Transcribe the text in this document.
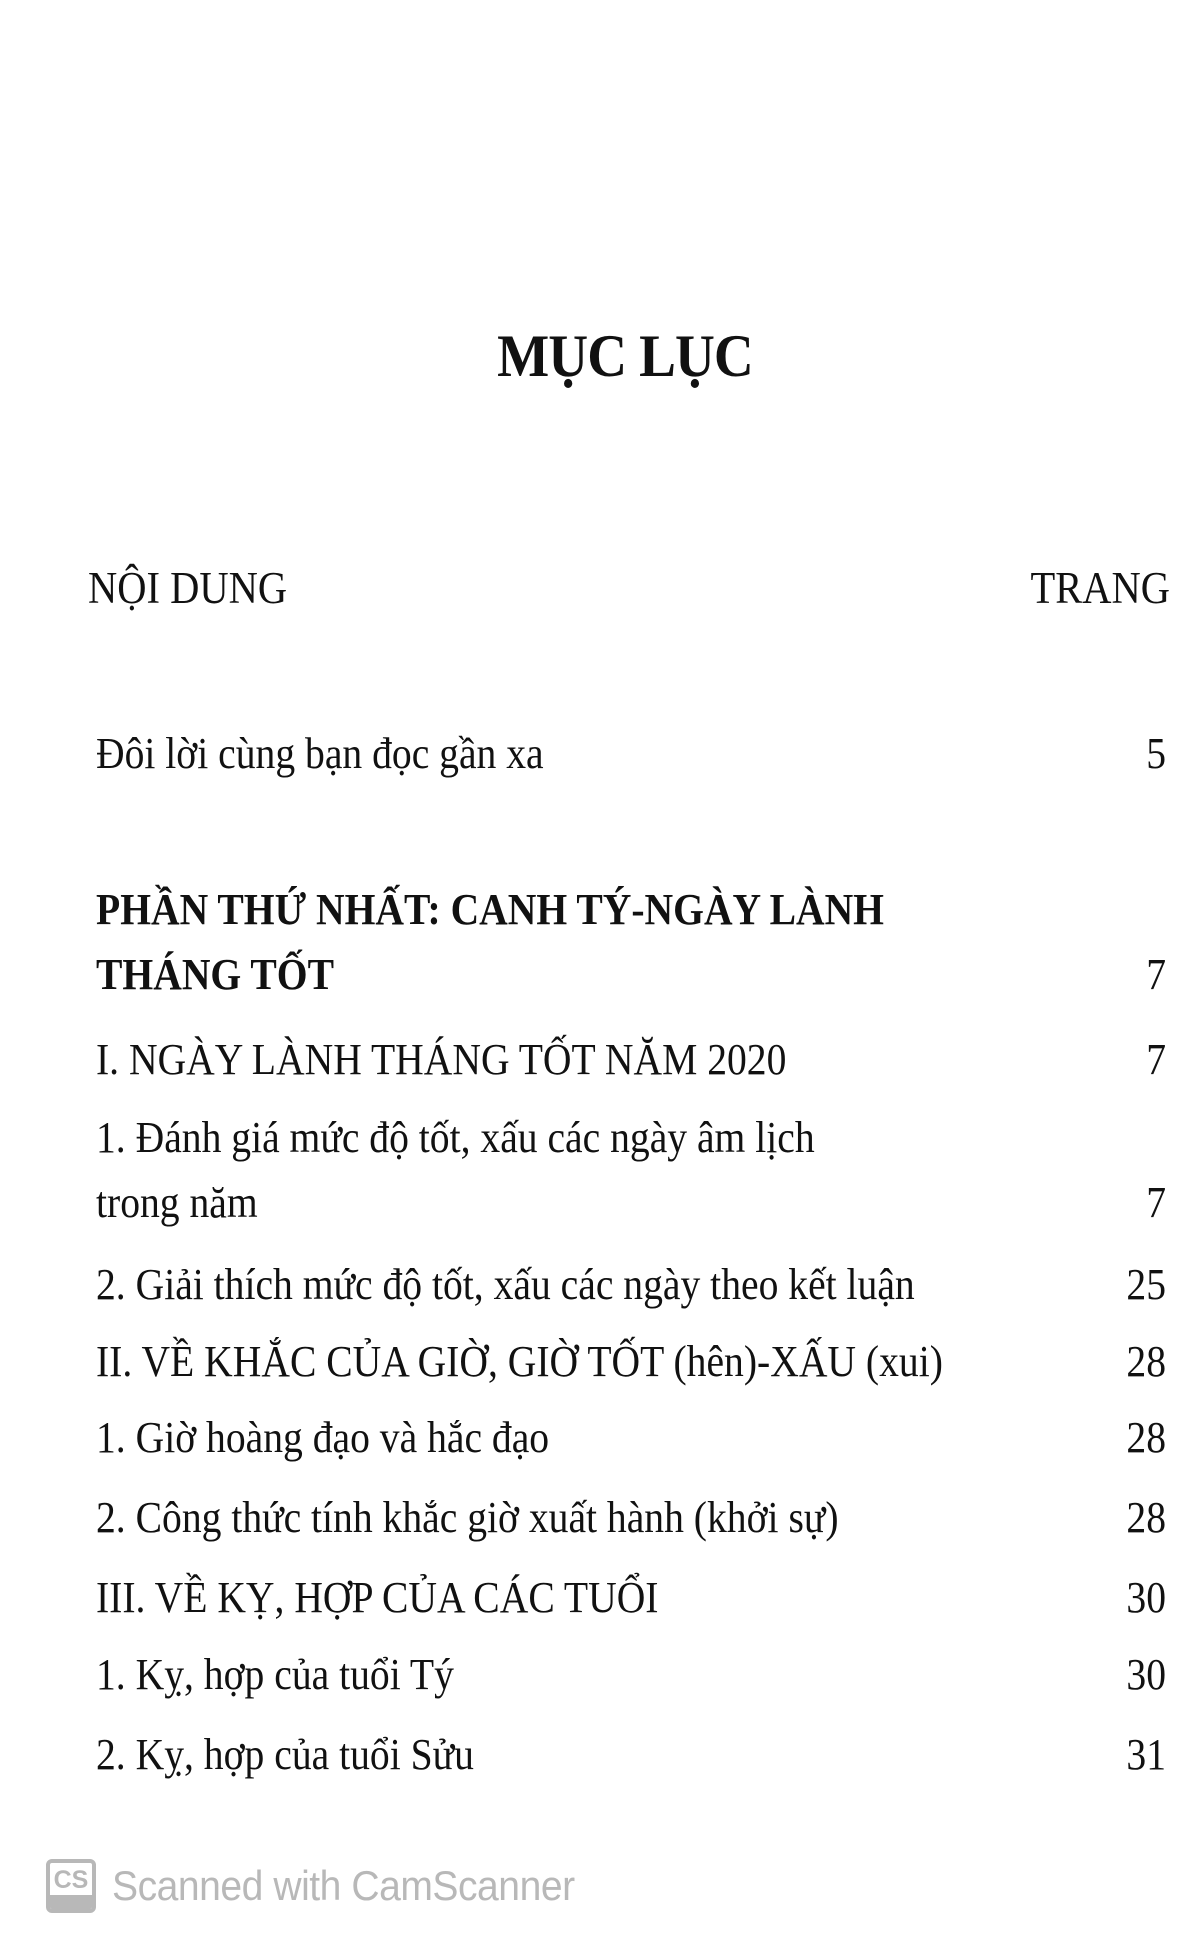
MỤC LỤC
NỘI DUNG	TRANG
Đôi lời cùng bạn đọc gần xa	5
PHẦN THỨ NHẤT: CANH TÝ-NGÀY LÀNH
THÁNG TỐT	7
I. NGÀY LÀNH THÁNG TỐT NĂM 2020	7
1. Đánh giá mức độ tốt, xấu các ngày âm lịch
trong năm	7
2. Giải thích mức độ tốt, xấu các ngày theo kết luận	25
II. VỀ KHẮC CỦA GIỜ, GIỜ TỐT (hên)-XẤU (xui)	28
1. Giờ hoàng đạo và hắc đạo	28
2. Công thức tính khắc giờ xuất hành (khởi sự)	28
III. VỀ KỴ, HỢP CỦA CÁC TUỔI	30
1. Kỵ, hợp của tuổi Tý	30
2. Kỵ, hợp của tuổi Sửu	31
CS Scanned with CamScanner
